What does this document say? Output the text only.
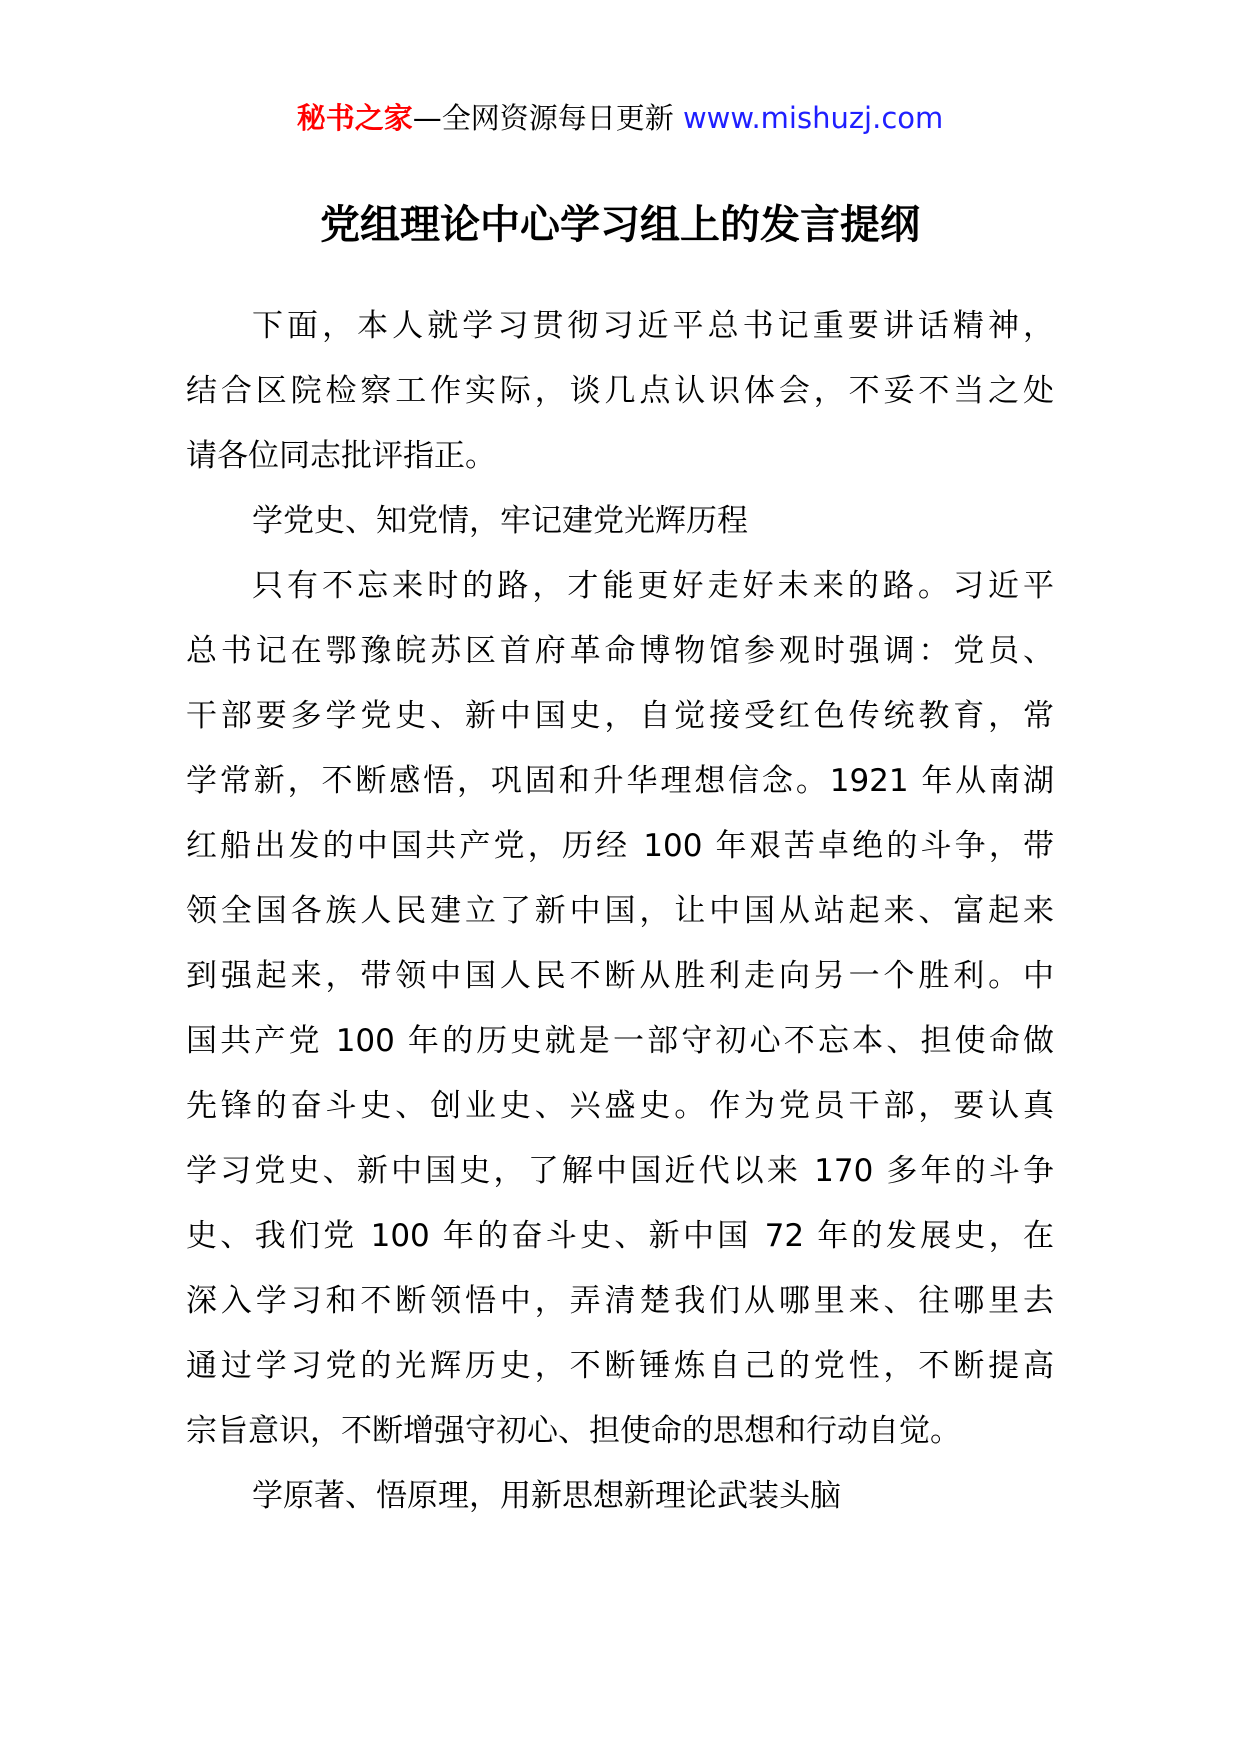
秘书之家—全网资源每日更新 www.mishuzj.com
党组理论中心学习组上的发言提纲
下面，本人就学习贯彻习近平总书记重要讲话精神，
结合区院检察工作实际，谈几点认识体会，不妥不当之处
请各位同志批评指正。
学党史、知党情，牢记建党光辉历程
只有不忘来时的路，才能更好走好未来的路。习近平
总书记在鄂豫皖苏区首府革命博物馆参观时强调：党员、
干部要多学党史、新中国史，自觉接受红色传统教育，常
学常新，不断感悟，巩固和升华理想信念。1921 年从南湖
红船出发的中国共产党，历经 100 年艰苦卓绝的斗争，带
领全国各族人民建立了新中国，让中国从站起来、富起来
到强起来，带领中国人民不断从胜利走向另一个胜利。中
国共产党 100 年的历史就是一部守初心不忘本、担使命做
先锋的奋斗史、创业史、兴盛史。作为党员干部，要认真
学习党史、新中国史，了解中国近代以来 170 多年的斗争
史、我们党 100 年的奋斗史、新中国 72 年的发展史，在
深入学习和不断领悟中，弄清楚我们从哪里来、往哪里去
通过学习党的光辉历史，不断锤炼自己的党性，不断提高
宗旨意识，不断增强守初心、担使命的思想和行动自觉。
学原著、悟原理，用新思想新理论武装头脑
